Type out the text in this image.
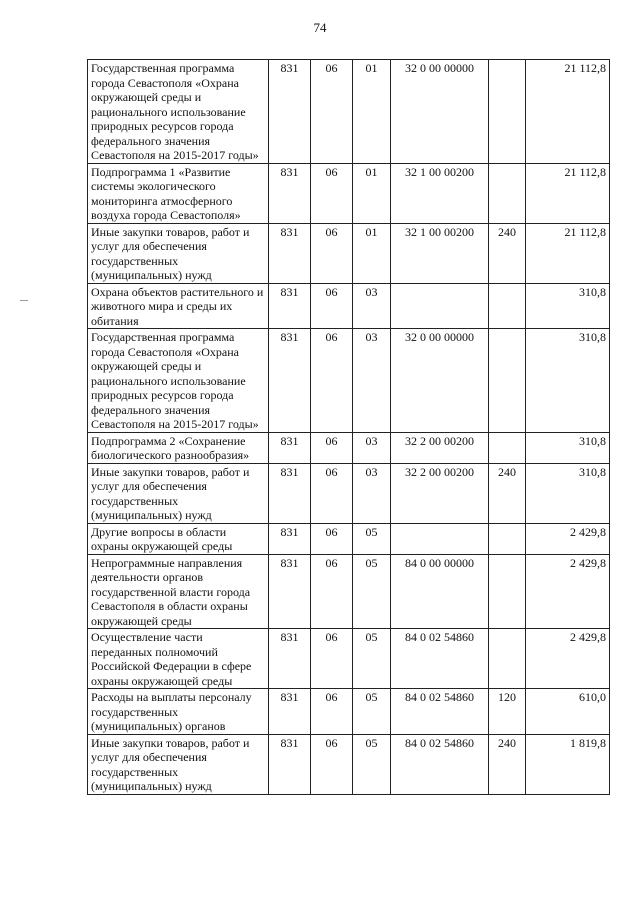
74
Государственная программа города Севастополя «Охрана окружающей среды и рационального использование природных ресурсов города федерального значения Севастополя на 2015-2017 годы»	831	06	01	32 0 00 00000		21 112,8
Подпрограмма 1 «Развитие системы экологического мониторинга атмосферного воздуха города Севастополя»	831	06	01	32 1 00 00200		21 112,8
Иные закупки товаров, работ и услуг для обеспечения государственных (муниципальных) нужд	831	06	01	32 1 00 00200	240	21 112,8
Охрана объектов растительного и животного мира и среды их обитания	831	06	03			310,8
Государственная программа города Севастополя «Охрана окружающей среды и рационального использование природных ресурсов города федерального значения Севастополя на 2015-2017 годы»	831	06	03	32 0 00 00000		310,8
Подпрограмма 2 «Сохранение биологического разнообразия»	831	06	03	32 2 00 00200		310,8
Иные закупки товаров, работ и услуг для обеспечения государственных (муниципальных) нужд	831	06	03	32 2 00 00200	240	310,8
Другие вопросы в области охраны окружающей среды	831	06	05			2 429,8
Непрограммные направления деятельности органов государственной власти города Севастополя в области охраны окружающей среды	831	06	05	84 0 00 00000		2 429,8
Осуществление части переданных полномочий Российской Федерации в сфере охраны окружающей среды	831	06	05	84 0 02 54860		2 429,8
Расходы на выплаты персоналу государственных (муниципальных) органов	831	06	05	84 0 02 54860	120	610,0
Иные закупки товаров, работ и услуг для обеспечения государственных (муниципальных) нужд	831	06	05	84 0 02 54860	240	1 819,8
